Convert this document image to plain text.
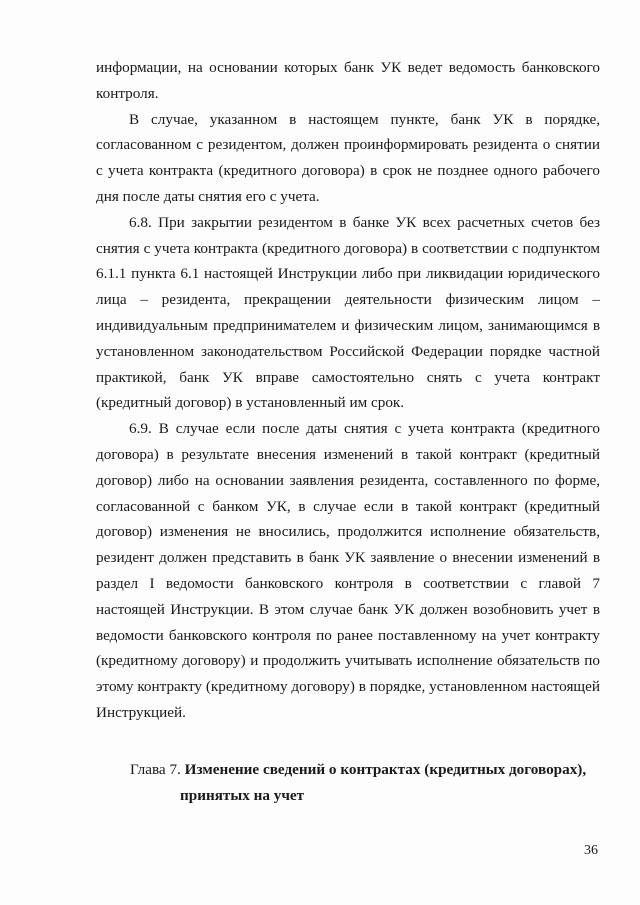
информации, на основании которых банк УК ведет ведомость банковского контроля.

В случае, указанном в настоящем пункте, банк УК в порядке, согласованном с резидентом, должен проинформировать резидента о снятии с учета контракта (кредитного договора) в срок не позднее одного рабочего дня после даты снятия его с учета.

6.8. При закрытии резидентом в банке УК всех расчетных счетов без снятия с учета контракта (кредитного договора) в соответствии с подпунктом 6.1.1 пункта 6.1 настоящей Инструкции либо при ликвидации юридического лица – резидента, прекращении деятельности физическим лицом – индивидуальным предпринимателем и физическим лицом, занимающимся в установленном законодательством Российской Федерации порядке частной практикой, банк УК вправе самостоятельно снять с учета контракт (кредитный договор) в установленный им срок.

6.9. В случае если после даты снятия с учета контракта (кредитного договора) в результате внесения изменений в такой контракт (кредитный договор) либо на основании заявления резидента, составленного по форме, согласованной с банком УК, в случае если в такой контракт (кредитный договор) изменения не вносились, продолжится исполнение обязательств, резидент должен представить в банк УК заявление о внесении изменений в раздел I ведомости банковского контроля в соответствии с главой 7 настоящей Инструкции. В этом случае банк УК должен возобновить учет в ведомости банковского контроля по ранее поставленному на учет контракту (кредитному договору) и продолжить учитывать исполнение обязательств по этому контракту (кредитному договору) в порядке, установленном настоящей Инструкцией.

Глава 7. Изменение сведений о контрактах (кредитных договорах),
принятых на учет
36
